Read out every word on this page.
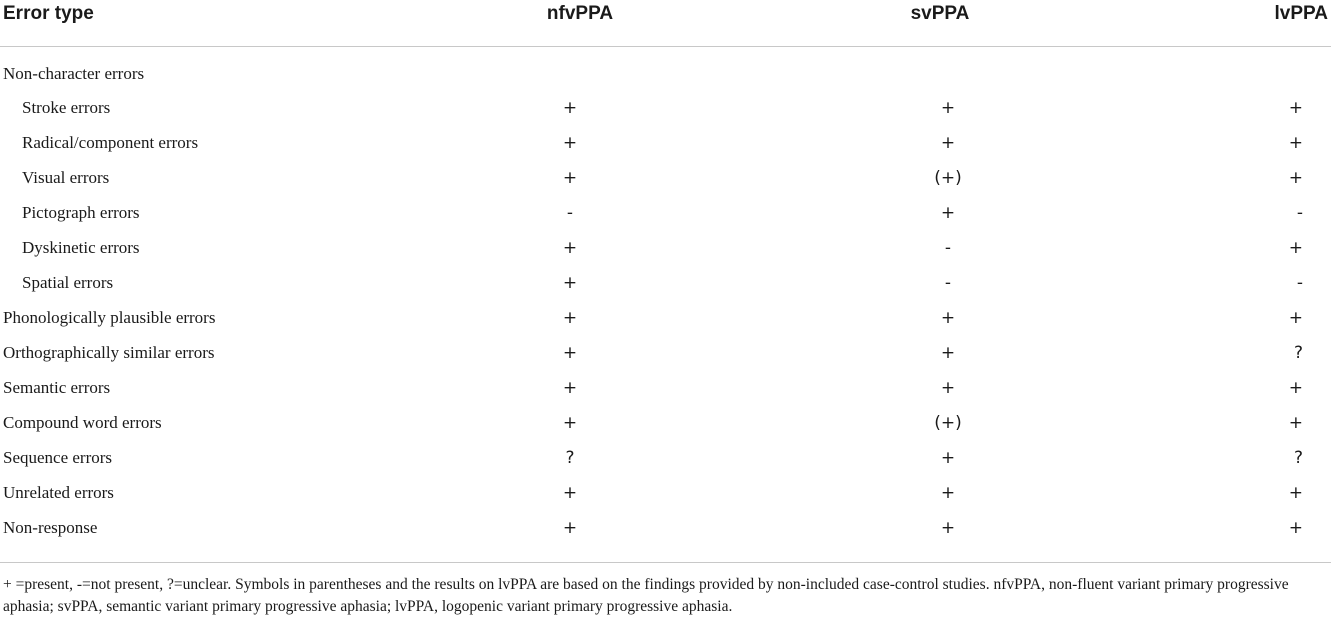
Error type	nfvPPA	svPPA	lvPPA
Non-character errors			
Stroke errors	+	+	+
Radical/component errors	+	+	+
Visual errors	+	(+)	+
Pictograph errors	-	+	-
Dyskinetic errors	+	-	+
Spatial errors	+	-	-
Phonologically plausible errors	+	+	+
Orthographically similar errors	+	+	?
Semantic errors	+	+	+
Compound word errors	+	(+)	+
Sequence errors	?	+	?
Unrelated errors	+	+	+
Non-response	+	+	+
+ =present, -=not present, ?=unclear. Symbols in parentheses and the results on lvPPA are based on the findings provided by non-included case-control studies. nfvPPA, non-fluent variant primary progressive aphasia; svPPA, semantic variant primary progressive aphasia; lvPPA, logopenic variant primary progressive aphasia.
